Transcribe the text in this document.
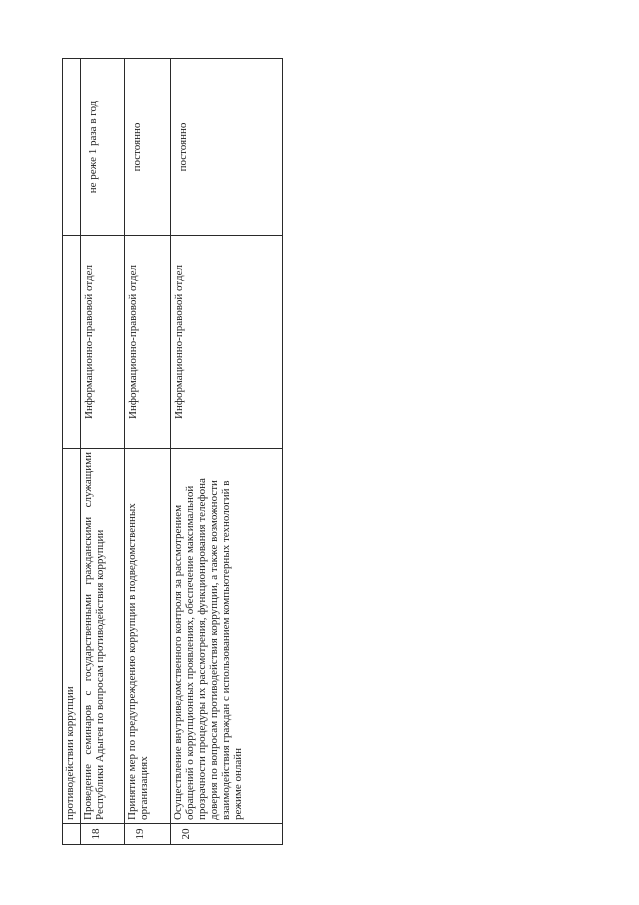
	противодействии коррупции		
18	Проведение семинаров с государственными гражданскими служащими Республики Адыгея по вопросам противодействия коррупции	Информационно-правовой отдел	не реже 1 раза в год
19	Принятие мер по предупреждению коррупции в подведомственных организациях	Информационно-правовой отдел	постоянно
20	Осуществление внутриведомственного контроля за рассмотрением обращений о коррупционных проявлениях, обеспечение максимальной прозрачности процедуры их рассмотрения, функционирования телефона доверия по вопросам противодействия коррупции, а также возможности взаимодействия граждан с использованием компьютерных технологий в режиме онлайн	Информационно-правовой отдел	постоянно
